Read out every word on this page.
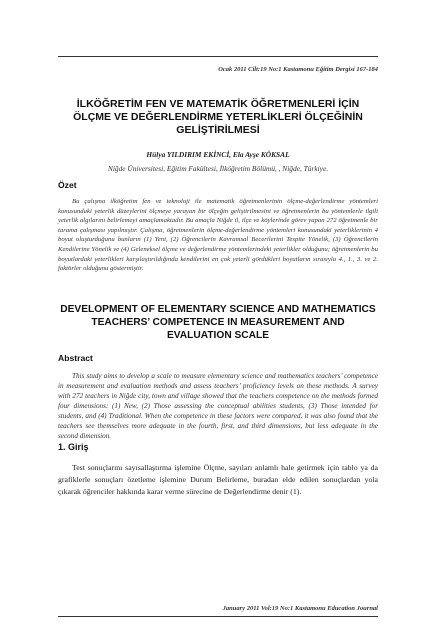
Ocak 2011 Cilt:19 No:1 Kastamonu Eğitim Dergisi 167-184
İLKÖĞRETİM FEN VE MATEMATİK ÖĞRETMENLERİ İÇİN ÖLÇME VE DEĞERLENDİRME YETERLİKLERİ ÖLÇEĞİNİN GELİŞTİRİLMESİ
Hülya YILDIRIM EKİNCİ, Ela Ayşe KÖKSAL
Niğde Üniversitesi, Eğitim Fakültesi, İlköğretim Bölümü, , Niğde, Türkiye.
Özet
Bu çalışma ilköğretim fen ve teknoloji ile matematik öğretmenlerinin ölçme-değerlendirme yöntemleri konusundaki yeterlik düzeylerini ölçmeye yarayan bir ölçeğin geliştirilmesini ve öğretmenlerin bu yöntemlerle ilgili yeterlik algılarını belirlemeyi amaçlamaktadır. Bu amaçla Niğde il, ilçe ve köylerinde görev yapan 272 öğretmenle bir tarama çalışması yapılmıştır. Çalışma, öğretmenlerin ölçme-değerlendirme yöntemleri konusundaki yeterliklerinin 4 boyut oluşturduğunu bunların (1) Yeni, (2) Öğrencilerin Kavramsal Becerilerini Tespite Yönelik, (3) Öğrencilerin Kendilerine Yönelik ve (4) Geleneksel ölçme ve değerlendirme yöntemlerindeki yeterlikler olduğunu; öğretmenlerin bu boyutlardaki yeterlikleri karşılaştırıldığında kendilerini en çok yeterli gördükleri boyutların sırasıyla 4., 1., 3. ve 2. faktörler olduğunu göstermiştir.
DEVELOPMENT OF ELEMENTARY SCIENCE AND MATHEMATICS TEACHERS’ COMPETENCE IN MEASUREMENT AND EVALUATION SCALE
Abstract
This study aims to develop a scale to measure elementary science and mathematics teachers’ competence in measurement and evaluation methods and assess teachers’ proficiency levels on these methods. A survey with 272 teachers in Niğde city, town and village showed that the teachers competence on the methods formed four dimensions: (1) New, (2) Those assessing the conceptual abilities students, (3) Those intended for students, and (4) Traditional. When the competence in these factors were compared, it was also found that the teachers see themselves more adequate in the fourth, first, and third dimensions, but less adequate in the second dimension.
1. Giriş
Test sonuçlarını sayısallaştırma işlemine Ölçme, sayıları anlamlı hale getirmek için tablo ya da grafiklerle sonuçları özetleme işlemine Durum Belirleme, buradan elde edilen sonuçlardan yola çıkarak öğrenciler hakkında karar verme sürecine de Değerlendirme denir (1).
January 2011 Vol:19 No:1 Kastamonu Education Journal
